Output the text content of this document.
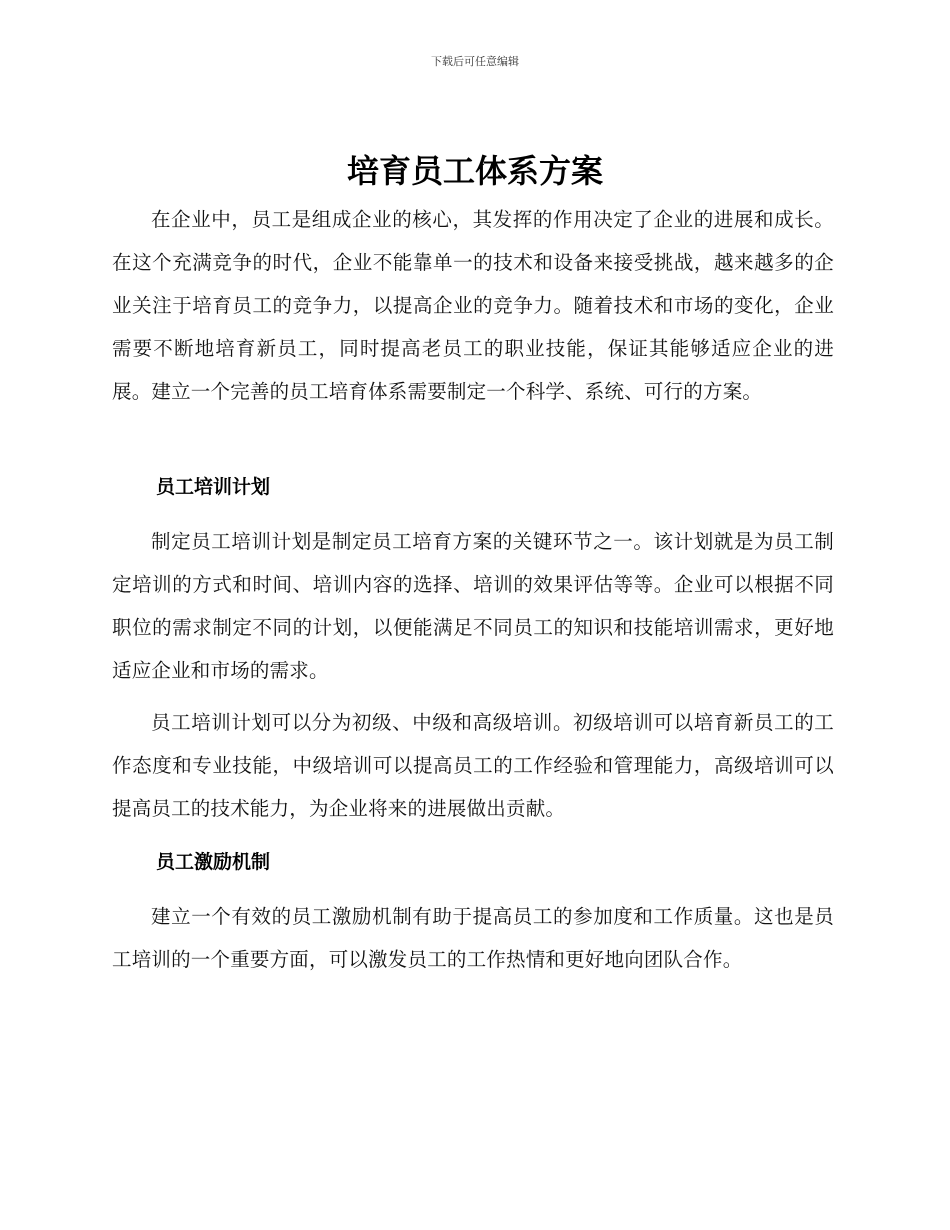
下载后可任意编辑
培育员工体系方案

在企业中，员工是组成企业的核心，其发挥的作用决定了企业的进展和成长。在这个充满竞争的时代，企业不能靠单一的技术和设备来接受挑战，越来越多的企业关注于培育员工的竞争力，以提高企业的竞争力。随着技术和市场的变化，企业需要不断地培育新员工，同时提高老员工的职业技能，保证其能够适应企业的进展。建立一个完善的员工培育体系需要制定一个科学、系统、可行的方案。

员工培训计划

制定员工培训计划是制定员工培育方案的关键环节之一。该计划就是为员工制定培训的方式和时间、培训内容的选择、培训的效果评估等等。企业可以根据不同职位的需求制定不同的计划，以便能满足不同员工的知识和技能培训需求，更好地适应企业和市场的需求。

员工培训计划可以分为初级、中级和高级培训。初级培训可以培育新员工的工作态度和专业技能，中级培训可以提高员工的工作经验和管理能力，高级培训可以提高员工的技术能力，为企业将来的进展做出贡献。

员工激励机制

建立一个有效的员工激励机制有助于提高员工的参加度和工作质量。这也是员工培训的一个重要方面，可以激发员工的工作热情和更好地向团队合作。
